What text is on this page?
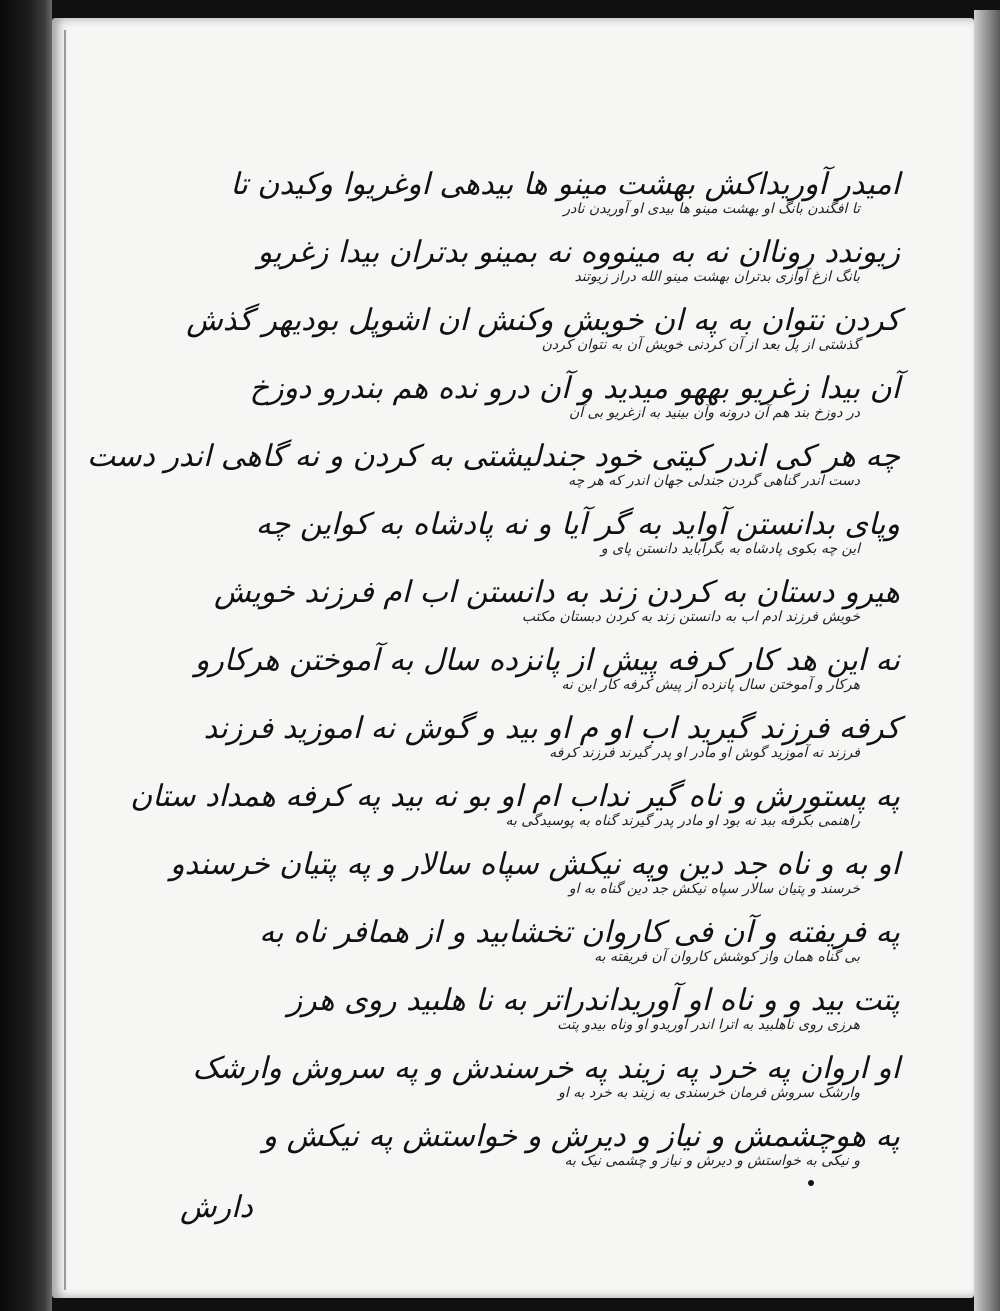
امیدر آوریداکش بهشت مینو ها بیدهی اوغریوا وکیدن تا
تا افگندن بانگ او بهشت مینو ها بیدی او آوریدن نادر
زیوندد روناان نه به مینووه نه بمینو بدتران بیدا زغریو
بانگ ازغ آوازی بدتران بهشت مینو الله دراز زیوتند
کردن نتوان به په ان خویش وکنش ان اشوپل بودیهر گذش
گذشتی از پل بعد از آن کردنی خویش آن به نتوان کردن
آن بیدا زغریو بههو میدید و آن درو نده هم بندرو دوزخ
در دوزخ بند هم آن درونه وآن بینید به ازغریو بی آن
چه هر کی اندر کیتی خود جندلیشتی به کردن و نه گاهی اندر دست
دست اندر گناهی گردن جندلی جهان اندر که هر چه
وپای بدانستن آواید به گر آیا و نه پادشاه به کواین چه
این چه بکوی پادشاه به بگراباید دانستن پای و
هیرو دستان به کردن زند به دانستن اب ام فرزند خویش
خویش فرزند ادم اب به دانستن زند به کردن دبستان مکتب
نه این هد کار کرفه پیش از پانزده سال به آموختن هرکارو
هرکار و آموختن سال پانزده از پیش کرفه کار این نه
کرفه فرزند گیرید اب او م او بید و گوش نه اموزید فرزند
فرزند نه آموزید گوش او مادر او پدر گیرند فرزند کرفه
په پستورش و ناه گیر نداب ام او بو نه بید په کرفه همداد ستان
راهنمی بکرفه ببد نه بود او مادر پدر گیرند گناه به پوسیدگی به
او به و ناه جد دین وپه نیکش سپاه سالار و په پتیان خرسندو
خرسند و پتیان سالار سپاه نیکش جد دین گناه به او
په فریفته و آن فی کاروان تخشابید و از همافر ناه به
بی گناه همان واز کوشش کاروان آن فریفته به
پتت بید و و ناه او آوریداندراتر به نا هلبید روی هرز
هرزی روی ناهلبید به اترا اندر آوریدو او وناه بیدو پتت
او اروان په خرد په زیند په خرسندش و په سروش وارشک
وارشک سروش فرمان خرسندی به زیند به خرد به او
په هوچشمش و نیاز و دیرش و خواستش په نیکش و
و نیکی به خواستش و دیرش و نیاز و چشمی نیک به
دارش
